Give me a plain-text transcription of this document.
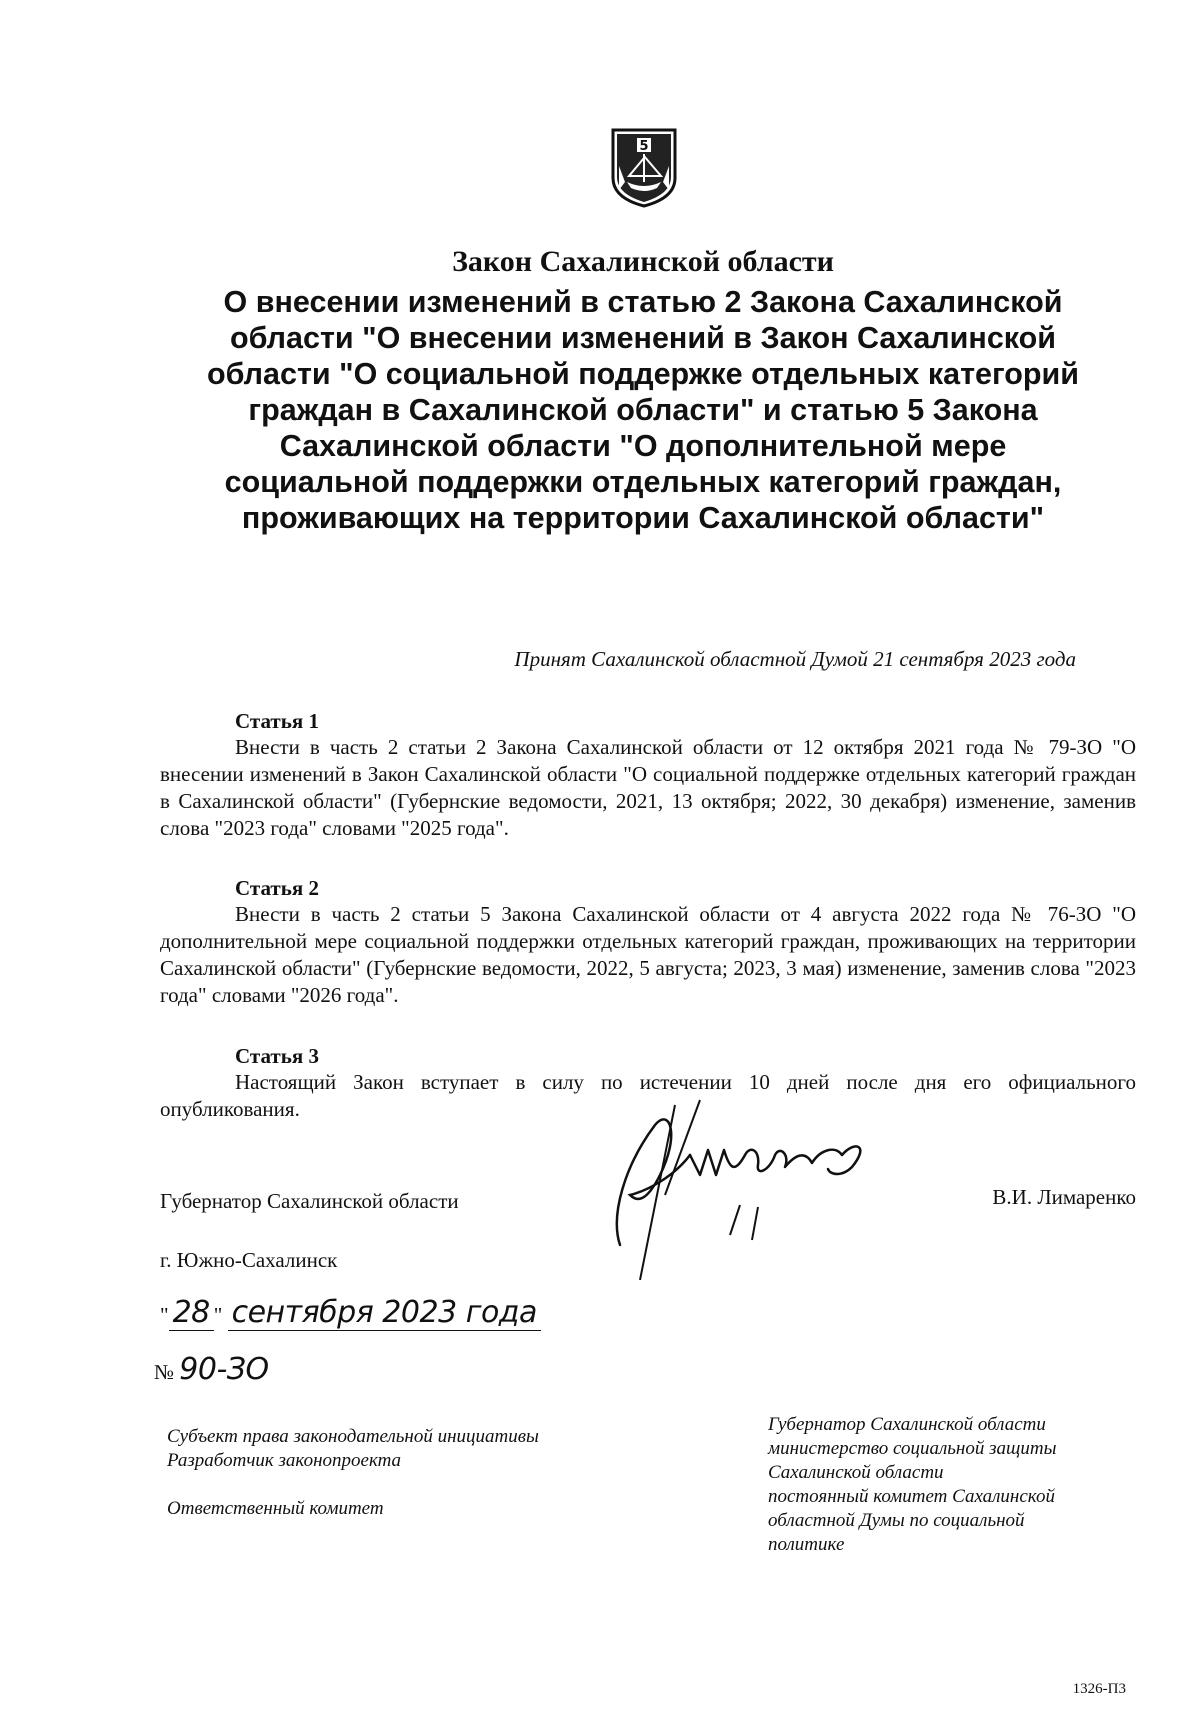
5
Закон Сахалинской области
О внесении изменений в статью 2 Закона Сахалинской области "О внесении изменений в Закон Сахалинской области "О социальной поддержке отдельных категорий граждан в Сахалинской области" и статью 5 Закона Сахалинской области "О дополнительной мере социальной поддержки отдельных категорий граждан, проживающих на территории Сахалинской области"
Принят Сахалинской областной Думой 21 сентября 2023 года
Статья 1

Внести в часть 2 статьи 2 Закона Сахалинской области от 12 октября 2021 года № 79-ЗО "О внесении изменений в Закон Сахалинской области "О социальной поддержке отдельных категорий граждан в Сахалинской области" (Губернские ведомости, 2021, 13 октября; 2022, 30 декабря) изменение, заменив слова "2023 года" словами "2025 года".

Статья 2

Внести в часть 2 статьи 5 Закона Сахалинской области от 4 августа 2022 года № 76-ЗО "О дополнительной мере социальной поддержки отдельных категорий граждан, проживающих на территории Сахалинской области" (Губернские ведомости, 2022, 5 августа; 2023, 3 мая) изменение, заменив слова "2023 года" словами "2026 года".

Статья 3

Настоящий Закон вступает в силу по истечении 10 дней после дня его официального опубликования.

Губернатор Сахалинской области	В.И. Лимаренко
г. Южно-Сахалинск
" 28 " сентября 2023 года
№ 90-ЗО
Субъект права законодательной инициативы
Разработчик законопроекта
Ответственный комитет
Губернатор Сахалинской области
министерство социальной защиты
Сахалинской области
постоянный комитет Сахалинской
областной Думы по социальной
политике
1326-П3
